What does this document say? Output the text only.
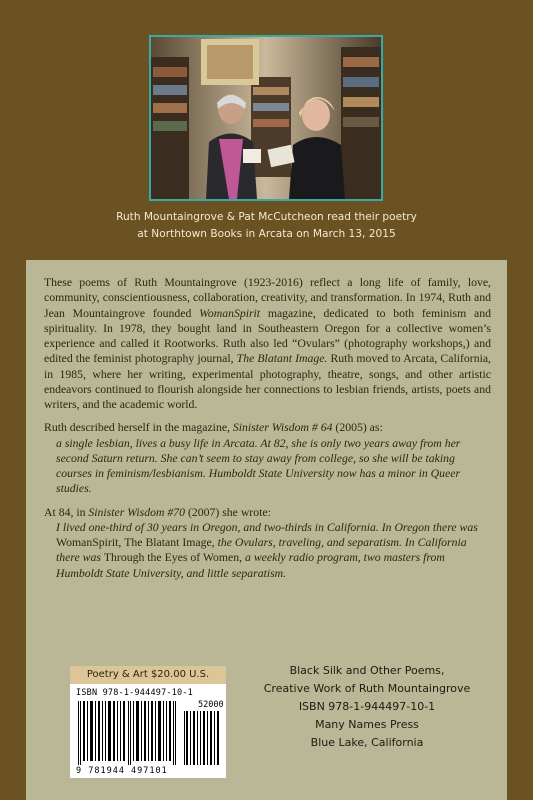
Ruth Mountaingrove & Pat McCutcheon read their poetry
at Northtown Books in Arcata on March 13, 2015

These poems of Ruth Mountaingrove (1923-2016) reflect a long life of family, love, community, conscientiousness, collaboration, creativity, and transformation. In 1974, Ruth and Jean Mountaingrove founded WomanSpirit magazine, dedicated to both feminism and spirituality. In 1978, they bought land in Southeastern Oregon for a collective women’s experience and called it Rootworks. Ruth also led “Ovulars” (photography workshops,) and edited the feminist photography journal, The Blatant Image. Ruth moved to Arcata, California, in 1985, where her writing, experimental photography, theatre, songs, and other artistic endeavors continued to flourish alongside her connections to lesbian friends, artists, poets and writers, and the academic world.

Ruth described herself in the magazine, Sinister Wisdom # 64 (2005) as:

a single lesbian, lives a busy life in Arcata. At 82, she is only two years away from her second Saturn return. She can’t seem to stay away from college, so she will be taking courses in feminism/lesbianism. Humboldt State University now has a minor in Queer studies.

At 84, in Sinister Wisdom #70 (2007) she wrote:

I lived one-third of 30 years in Oregon, and two-thirds in California. In Oregon there was WomanSpirit, The Blatant Image, the Ovulars, traveling, and separatism. In California there was Through the Eyes of Women, a weekly radio program, two masters from Humboldt State University, and little separatism.

Poetry & Art $20.00 U.S.
ISBN 978-1-944497-10-1
52000
9 781944 497101
Black Silk and Other Poems,
Creative Work of Ruth Mountaingrove
ISBN 978-1-944497-10-1
Many Names Press
Blue Lake, California
